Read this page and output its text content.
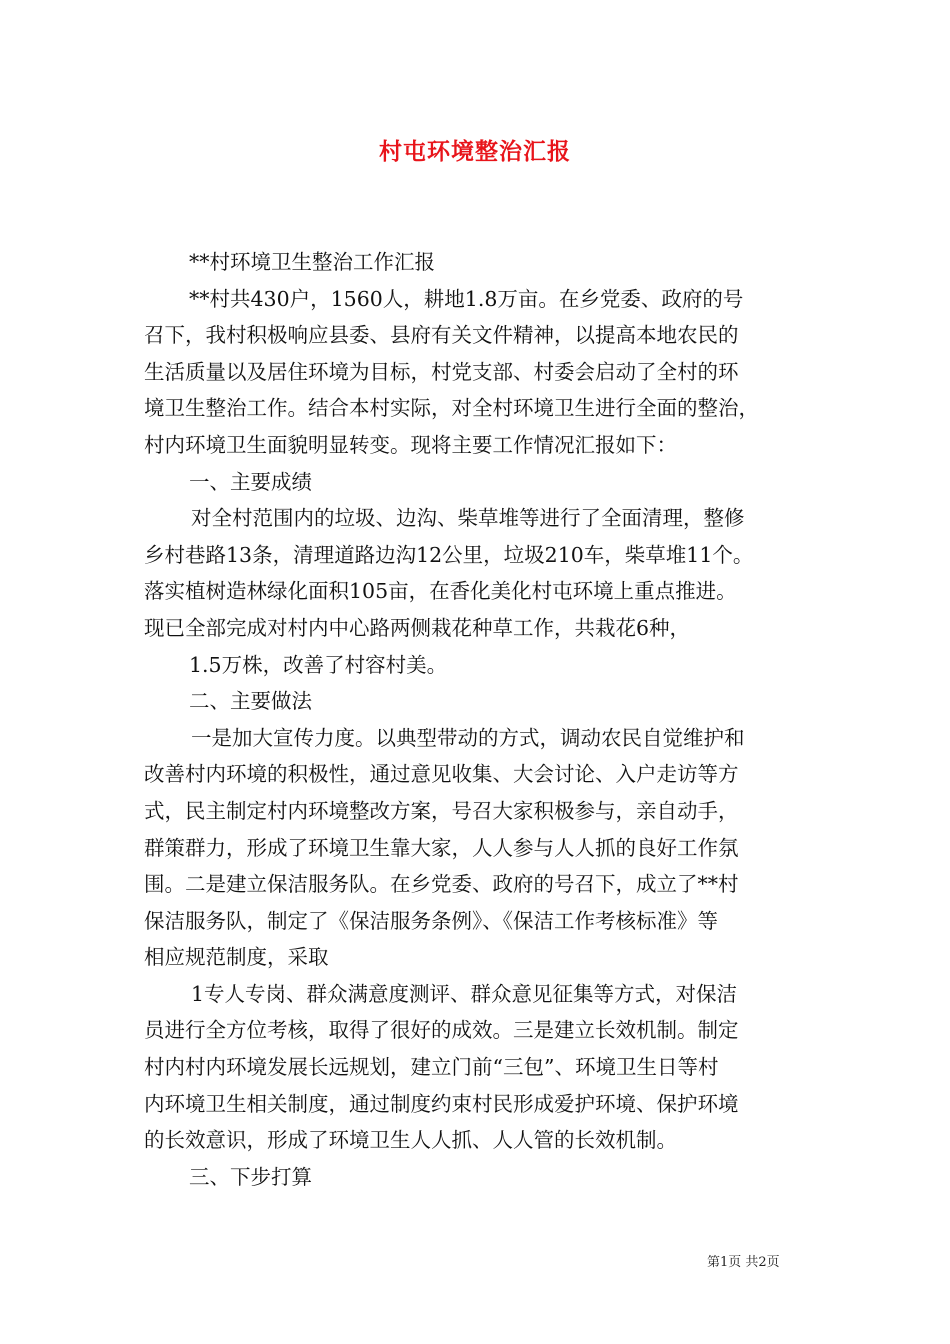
村屯环境整治汇报
**村环境卫生整治工作汇报
**村共430户，1560人，耕地1.8万亩。在乡党委、政府的号
召下，我村积极响应县委、县府有关文件精神，以提高本地农民的
生活质量以及居住环境为目标，村党支部、村委会启动了全村的环
境卫生整治工作。结合本村实际，对全村环境卫生进行全面的整治，
村内环境卫生面貌明显转变。现将主要工作情况汇报如下：
一、主要成绩
对全村范围内的垃圾、边沟、柴草堆等进行了全面清理，整修
乡村巷路13条，清理道路边沟12公里，垃圾210车，柴草堆11个。
落实植树造林绿化面积105亩，在香化美化村屯环境上重点推进。
现已全部完成对村内中心路两侧栽花种草工作，共栽花6种，
1.5万株，改善了村容村美。
二、主要做法
一是加大宣传力度。以典型带动的方式，调动农民自觉维护和
改善村内环境的积极性，通过意见收集、大会讨论、入户走访等方
式，民主制定村内环境整改方案，号召大家积极参与，亲自动手，
群策群力，形成了环境卫生靠大家，人人参与人人抓的良好工作氛
围。二是建立保洁服务队。在乡党委、政府的号召下，成立了**村
保洁服务队，制定了《保洁服务条例》、《保洁工作考核标准》等
相应规范制度，采取
1专人专岗、群众满意度测评、群众意见征集等方式，对保洁
员进行全方位考核，取得了很好的成效。三是建立长效机制。制定
村内村内环境发展长远规划，建立门前“三包”、环境卫生日等村
内环境卫生相关制度，通过制度约束村民形成爱护环境、保护环境
的长效意识，形成了环境卫生人人抓、人人管的长效机制。
三、下步打算
第1页 共2页
